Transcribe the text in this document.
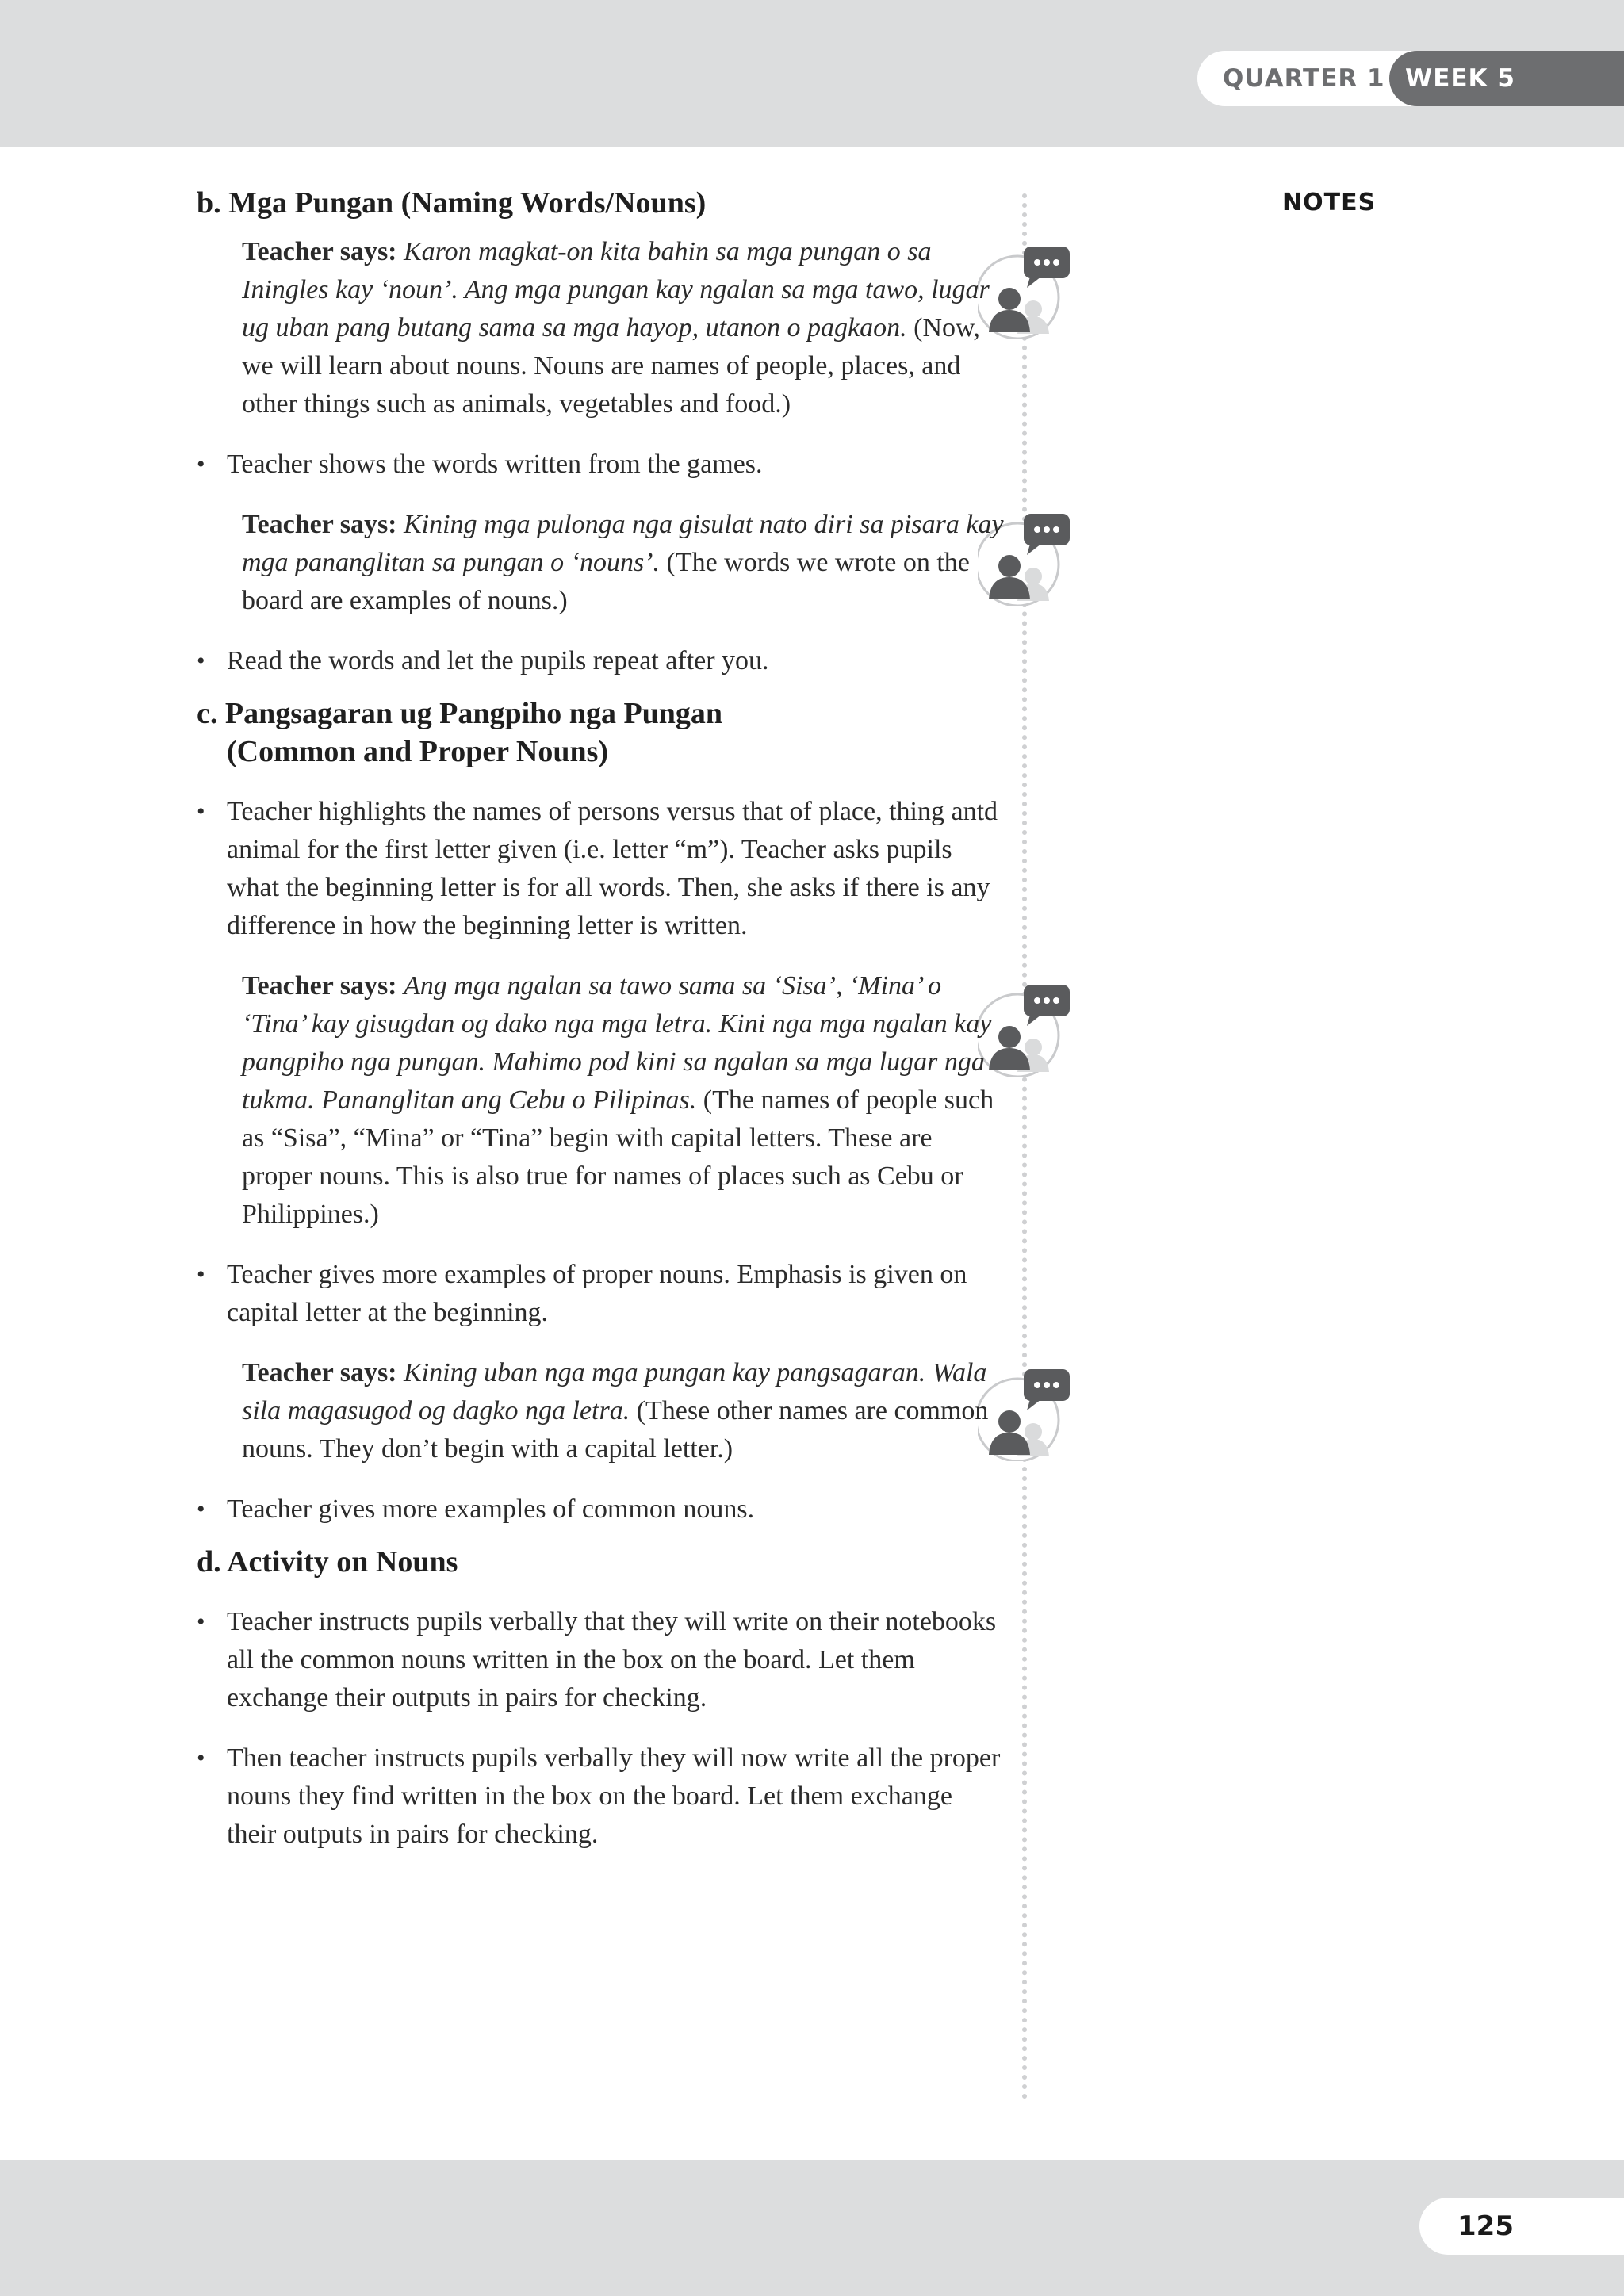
QUARTER 1 WEEK 5
NOTES

b. Mga Pungan (Naming Words/Nouns)

Teacher says: Karon magkat-on kita bahin sa mga pungan o sa Iningles kay ‘noun’. Ang mga pungan kay ngalan sa mga tawo, lugar ug uban pang butang sama sa mga hayop, utanon o pagkaon. (Now, we will learn about nouns. Nouns are names of people, places, and other things such as animals, vegetables and food.)

• Teacher shows the words written from the games.

Teacher says: Kining mga pulonga nga gisulat nato diri sa pisara kay mga pananglitan sa pungan o ‘nouns’. (The words we wrote on the board are examples of nouns.)

• Read the words and let the pupils repeat after you.

c. Pangsagaran ug Pangpiho nga Pungan
(Common and Proper Nouns)

• Teacher highlights the names of persons versus that of place, thing antd animal for the first letter given (i.e. letter “m”). Teacher asks pupils what the beginning letter is for all words. Then, she asks if there is any difference in how the beginning letter is written.

Teacher says: Ang mga ngalan sa tawo sama sa ‘Sisa’, ‘Mina’ o ‘Tina’ kay gisugdan og dako nga mga letra. Kini nga mga ngalan kay pangpiho nga pungan. Mahimo pod kini sa ngalan sa mga lugar nga tukma. Pananglitan ang Cebu o Pilipinas. (The names of people such as “Sisa”, “Mina” or “Tina” begin with capital letters. These are proper nouns. This is also true for names of places such as Cebu or Philippines.)

• Teacher gives more examples of proper nouns. Emphasis is given on capital letter at the beginning.

Teacher says: Kining uban nga mga pungan kay pangsagaran. Wala sila magasugod og dagko nga letra. (These other names are common nouns. They don’t begin with a capital letter.)

• Teacher gives more examples of common nouns.

d. Activity on Nouns

• Teacher instructs pupils verbally that they will write on their notebooks all the common nouns written in the box on the board. Let them exchange their outputs in pairs for checking.

• Then teacher instructs pupils verbally they will now write all the proper nouns they find written in the box on the board. Let them exchange their outputs in pairs for checking.

125
